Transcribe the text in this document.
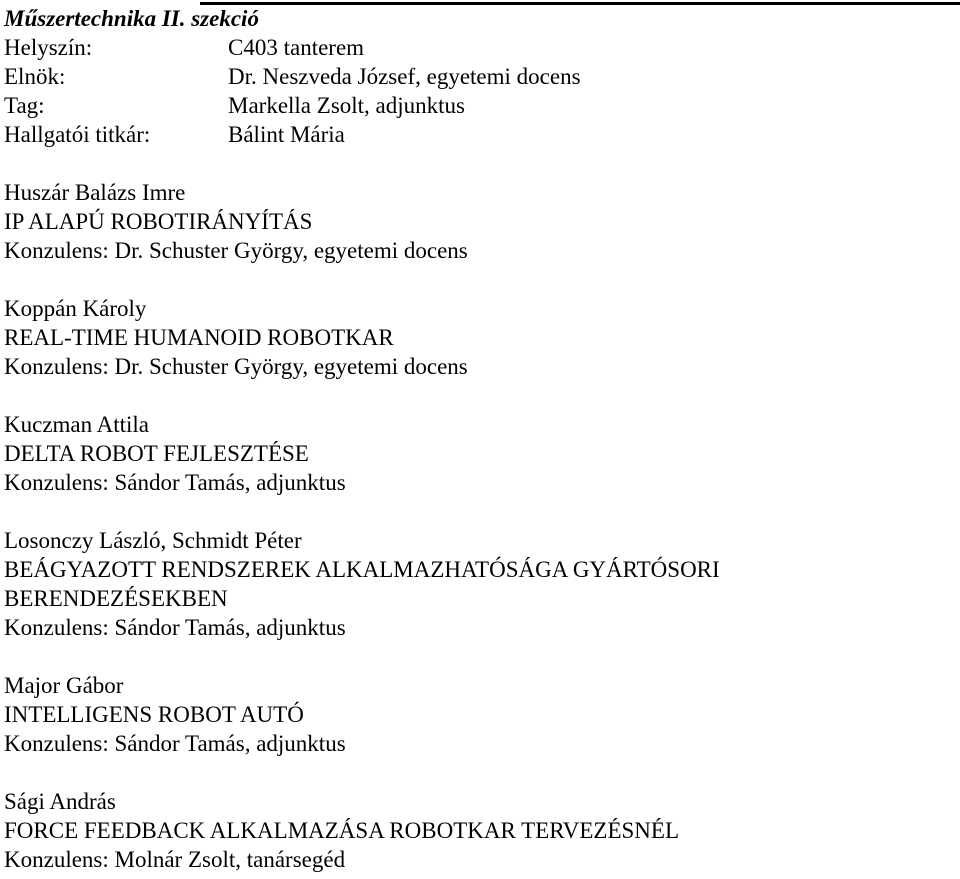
Műszertechnika II. szekció
Helyszín:	C403 tanterem
Elnök:	Dr. Neszveda József, egyetemi docens
Tag:	Markella Zsolt, adjunktus
Hallgatói titkár:	Bálint Mária
Huszár Balázs Imre
IP ALAPÚ ROBOTIRÁNYÍTÁS
Konzulens: Dr. Schuster György, egyetemi docens
Koppán Károly
REAL-TIME HUMANOID ROBOTKAR
Konzulens: Dr. Schuster György, egyetemi docens
Kuczman Attila
DELTA ROBOT FEJLESZTÉSE
Konzulens: Sándor Tamás, adjunktus
Losonczy László, Schmidt Péter
BEÁGYAZOTT RENDSZEREK ALKALMAZHATÓSÁGA GYÁRTÓSORI
BERENDEZÉSEKBEN
Konzulens: Sándor Tamás, adjunktus
Major Gábor
INTELLIGENS ROBOT AUTÓ
Konzulens: Sándor Tamás, adjunktus
Sági András
FORCE FEEDBACK ALKALMAZÁSA ROBOTKAR TERVEZÉSNÉL
Konzulens: Molnár Zsolt, tanársegéd
